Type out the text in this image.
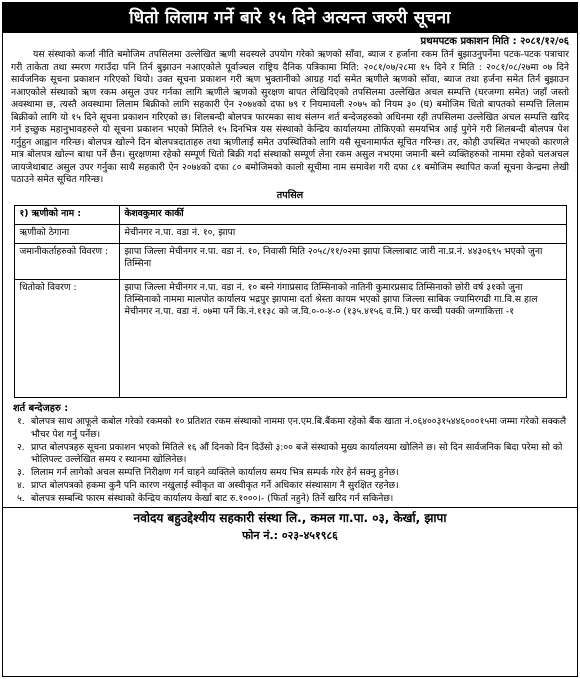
धितो लिलाम गर्ने बारे १५ दिने अत्यन्त जरुरी सूचना
प्रथमपटक प्रकाशन मिति : २०८१/१२/०६

यस संस्थाको कर्जा नीति बमोजिम तपसिलमा उल्लेखित ऋणी सदस्यले उपयोग गरेको ऋणको साँवा, ब्याज र हर्जाना रकम तिर्न बुझाउनुपर्नेमा पटक-पटक पत्राचार गरी ताकेता तथा स्मरण गराउँदा पनि तिर्न बुझाउन नआएकोले पूर्वाञ्चल राष्ट्रिय दैनिक पत्रिकामा मिति: २०८१/०७/२८मा १५ दिने र मिति : २०८१/०८/२७मा ०७ दिने सार्वजनिक सूचना प्रकाशन गरिएको थियो। उक्त सूचना प्रकाशन गरी ऋण भुक्तानीको आग्रह गर्दा समेत ऋणीले ऋणको साँवा, ब्याज तथा हर्जना समेत तिर्न बुझाउन नआएकोले संस्थाको ऋण रकम असुल उपर गर्नका लागि ऋणीले ऋणको सुरक्षण बापत लेखिदिएको तपसिलमा उल्लेखित अचल सम्पत्ति (घरजग्गा समेत) जहाँ जस्तो अवस्थामा छ, त्यस्तै अवस्थामा लिलाम बिक्रीको लागि सहकारी ऐन २०७४को दफा ७९ र नियमावली २०७५ को नियम ३० (घ) बमोजिम धितो बापतको सम्पत्ति लिलाम बिक्रीको लागि यो १५ दिने सूचना प्रकाशन गरिएको छ। शिलबन्दी बोलपत्र फारमका साथ संलग्न शर्त बन्देजहरुको अधिनमा रही तपसिलमा उल्लेखित अचल सम्पत्ति खरिद गर्न इच्छुक महानुभावहरुले यो सूचना प्रकाशन भएको मितिले १५ दिनभित्र यस संस्थाको केन्द्रिय कार्यालयमा तोकिएको समयभित्र आई पुगेने गरी शिलबन्दी बोलपत्र पेश गर्नुहुन आह्वान गरिन्छ। बोलपत्र खोल्ने दिन बोलपत्रदाताहरु तथा ऋणीलाई समेत उपस्थितिको लागि यसै सूचनामार्फत सूचित गरिन्छ। तर, कोही उपस्थित नभएको कारणले मात्र बोलपत्र खोल्न बाधा पर्ने छैन। सुरक्षणमा रहेको सम्पूर्ण धितो बिक्री गर्दा संस्थाको सम्पूर्ण लेना रकम असुल नभएमा जमानी बस्ने व्यक्तिहरुको नाममा रहेको चलअचल जायजेथाबाट असुल उपर गर्नुका साथै सहकारी ऐन २०७४को दफा ८० बमोजिमको कालो सूचीमा नाम समावेश गरी दफा ८१ बमोजिम स्थापित कर्जा सूचना केन्द्रमा लेखी पठाउने समेत सूचित गरिन्छ।

तपसिल
१) ऋणीको नाम :	केशवकुमार कार्की
ऋणीको ठेगाना	मेचीनगर न.पा. वडा नं. १०, झापा
जमानीकर्ताहरुको विवरण :	झापा जिल्ला मेचीनगर न.पा. वडा नं. १०, निवासी मिति २०५८/११/०२मा झापा जिल्लाबाट जारी ना.प्र.नं. ४४३०६९५ भएको जुना तिम्सिना
धितोको विवरण :	झापा जिल्ला मेचीनगर न.पा. वडा नं. १० बस्ने गंगाप्रसाद तिम्सिनाको नातिनी कुमारप्रसाद तिम्सिनाको छोरी वर्ष ३१को जुना तिम्सिनाको नाममा मालपोत कार्यालय भद्रपुर झापामा दर्ता श्रेस्ता कायम भएको झापा जिल्ला साबिक ज्यामिरगढी गा.वि.स हाल मेचीनगर न.पा. वडा नं. ०७मा पर्ने कि.नं.११३८ को ज.वि.०-०-४-० (१३५.४१५६ व.मि.) घर कच्ची पक्की जग्गाकित्ता -१
शर्त बन्देजहरु :
१. बोलपत्र साथ आफूले कबोल गरेको रकमको १० प्रतिशत रकम संस्थाको नाममा एन.एम.बि.बैंकमा रहेको बैंक खाता नं.०६४००३१५४४६०००१५मा जम्मा गरेको सक्कलै भौचर पेश गर्नु पर्नेछ।
२. प्राप्त बोलपत्रहरु सूचना प्रकाशन भएको मितिले १६ औं दिनको दिन दिउँसो ३:०० बजे संस्थाको मुख्य कार्यालयमा खोलिने छ। सो दिन सार्वजनिक बिदा परेमा सो को भोलिपल्ट उल्लेखित समय र स्थानमा खोलिनेछ।
३. लिलाम गर्न लागेको अचल सम्पत्ति निरीक्षण गर्न चाहने व्यक्तिले कार्यालय समय भित्र सम्पर्क गरेर हेर्न सक्नु हुनेछ।
४. प्राप्त बोलपत्रको हकमा कुनै पनि कारण नखुलाई स्वीकृत वा अस्वीकृत गर्ने अधिकार संस्थासाग नै सुरक्षित रहनेछ।
५. बोलपत्र सम्बन्धि फारम संस्थाको केन्द्रिय कार्यालय केर्खा बाट रु.१०००।- (फिर्ता नहुने) तिर्ने खरिद गर्न सकिनेछ।
नवोदय बहुउद्देश्यीय सहकारी संस्था लि., कमल गा.पा. ०३, केर्खा, झापा
फोन नं.: ०२३-४५१९८६
